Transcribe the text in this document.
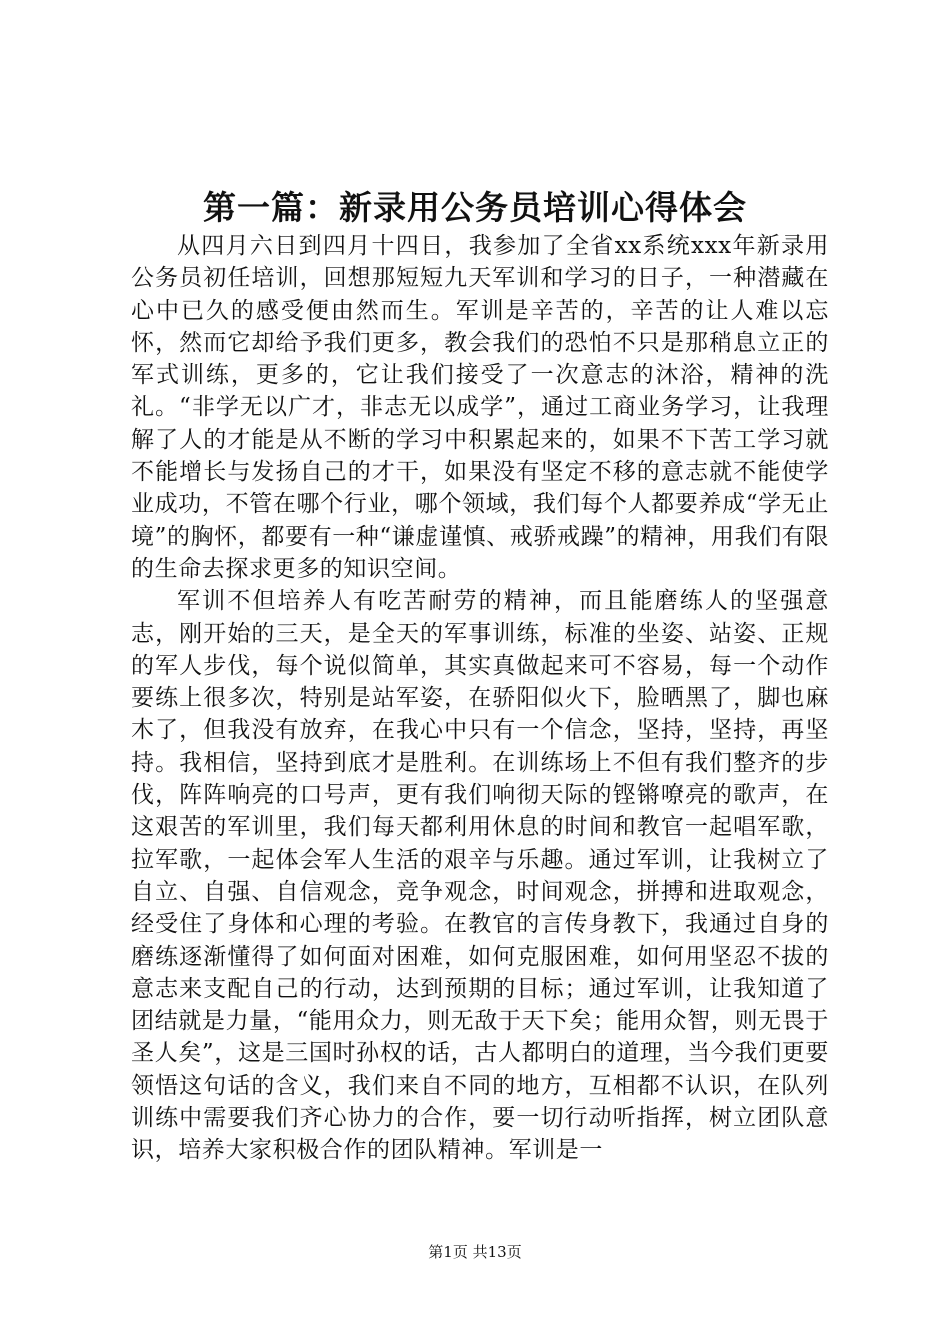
第一篇：新录用公务员培训心得体会

从四月六日到四月十四日，我参加了全省xx系统xxx年新录用公务员初任培训，回想那短短九天军训和学习的日子，一种潜藏在心中已久的感受便由然而生。军训是辛苦的，辛苦的让人难以忘怀，然而它却给予我们更多，教会我们的恐怕不只是那稍息立正的军式训练，更多的，它让我们接受了一次意志的沐浴，精神的洗礼。“非学无以广才，非志无以成学”，通过工商业务学习，让我理解了人的才能是从不断的学习中积累起来的，如果不下苦工学习就不能增长与发扬自己的才干，如果没有坚定不移的意志就不能使学业成功，不管在哪个行业，哪个领域，我们每个人都要养成“学无止境”的胸怀，都要有一种“谦虚谨慎、戒骄戒躁”的精神，用我们有限的生命去探求更多的知识空间。

军训不但培养人有吃苦耐劳的精神，而且能磨练人的坚强意志，刚开始的三天，是全天的军事训练，标准的坐姿、站姿、正规的军人步伐，每个说似简单，其实真做起来可不容易，每一个动作要练上很多次，特别是站军姿，在骄阳似火下，脸晒黑了，脚也麻木了，但我没有放弃，在我心中只有一个信念，坚持，坚持，再坚持。我相信，坚持到底才是胜利。在训练场上不但有我们整齐的步伐，阵阵响亮的口号声，更有我们响彻天际的铿锵嘹亮的歌声，在这艰苦的军训里，我们每天都利用休息的时间和教官一起唱军歌，拉军歌，一起体会军人生活的艰辛与乐趣。通过军训，让我树立了自立、自强、自信观念，竞争观念，时间观念，拼搏和进取观念，经受住了身体和心理的考验。在教官的言传身教下，我通过自身的磨练逐渐懂得了如何面对困难，如何克服困难，如何用坚忍不拔的意志来支配自己的行动，达到预期的目标；通过军训，让我知道了团结就是力量，“能用众力，则无敌于天下矣；能用众智，则无畏于圣人矣”，这是三国时孙权的话，古人都明白的道理，当今我们更要领悟这句话的含义，我们来自不同的地方，互相都不认识，在队列训练中需要我们齐心协力的合作，要一切行动听指挥，树立团队意识，培养大家积极合作的团队精神。军训是一

第1页 共13页
